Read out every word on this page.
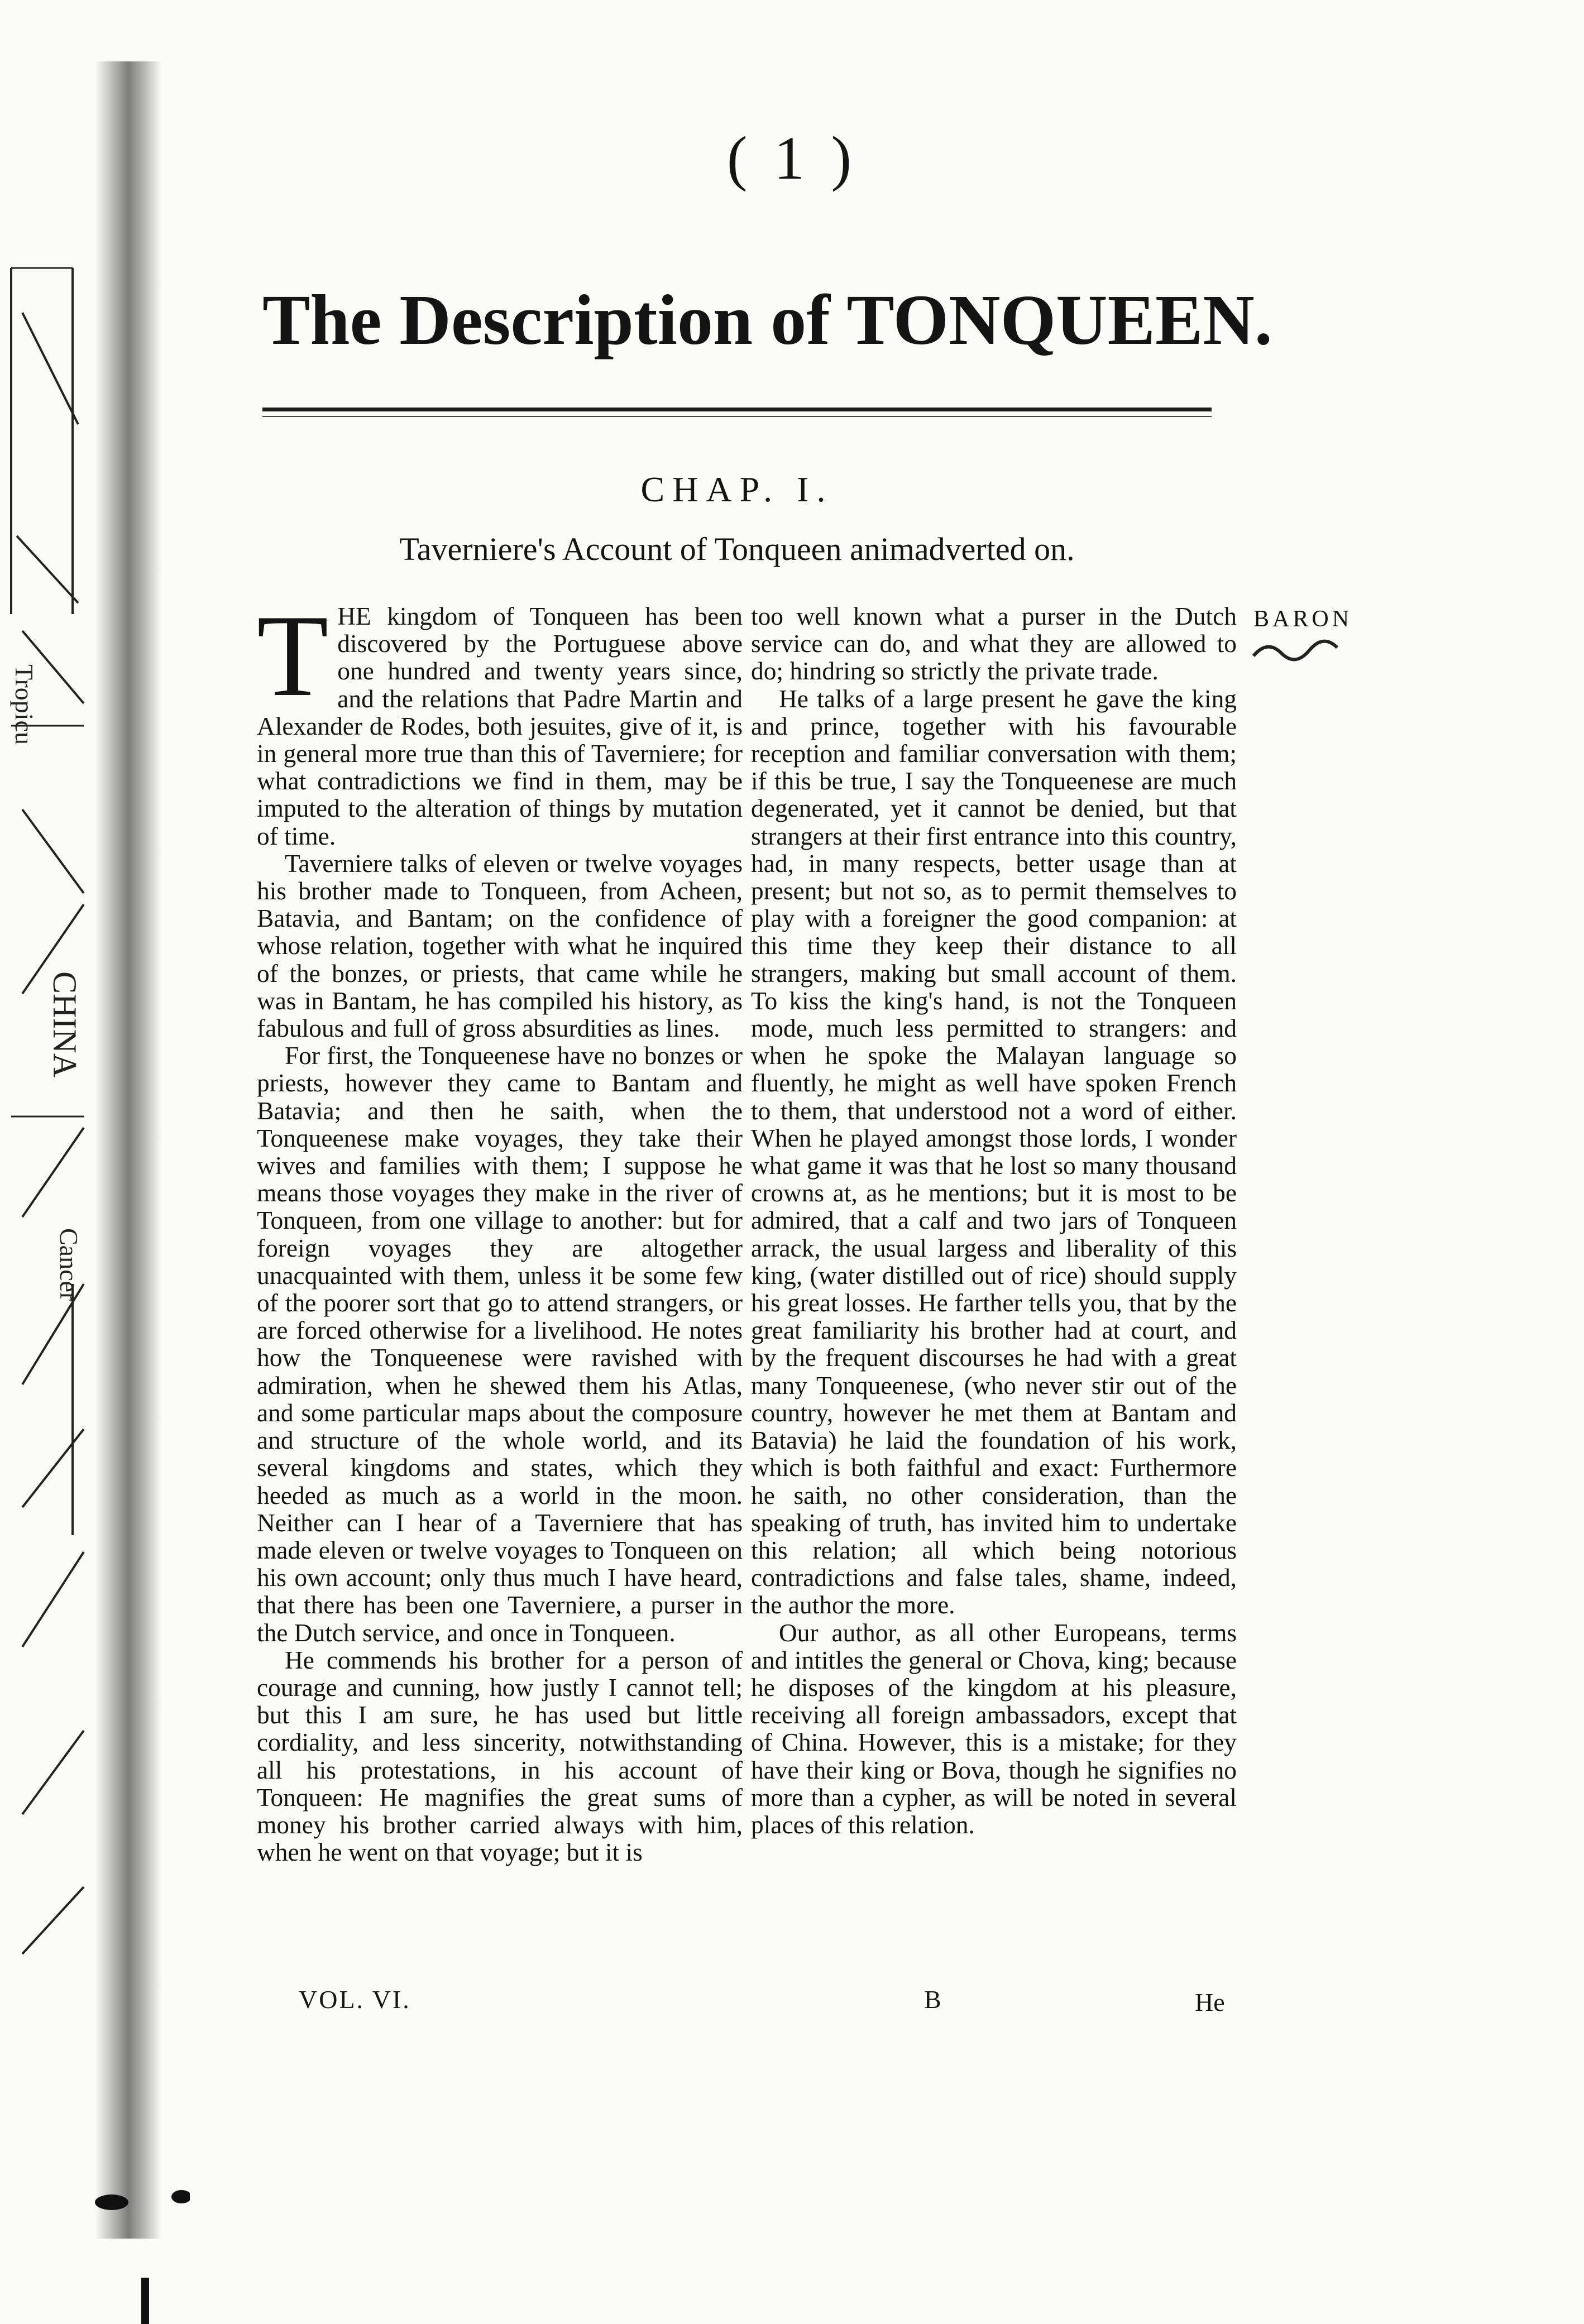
Tropicu
CHINA
Cancer
( 1 )
The Description of TONQUEEN.
CHAP. I.
Taverniere's Account of Tonqueen animadverted on.

THE kingdom of Tonqueen has been discovered by the Portuguese above one hundred and twenty years since, and the relations that Padre Martin and Alexander de Rodes, both jesuites, give of it, is in general more true than this of Taverniere; for what contradictions we find in them, may be imputed to the alteration of things by mutation of time.

Taverniere talks of eleven or twelve voyages his brother made to Tonqueen, from Acheen, Batavia, and Bantam; on the confidence of whose relation, together with what he inquired of the bonzes, or priests, that came while he was in Bantam, he has compiled his history, as fabulous and full of gross absurdities as lines.

For first, the Tonqueenese have no bonzes or priests, however they came to Bantam and Batavia; and then he saith, when the Tonqueenese make voyages, they take their wives and families with them; I suppose he means those voyages they make in the river of Tonqueen, from one village to another: but for foreign voyages they are altogether unacquainted with them, unless it be some few of the poorer sort that go to attend strangers, or are forced otherwise for a livelihood. He notes how the Tonqueenese were ravished with admiration, when he shewed them his Atlas, and some particular maps about the composure and structure of the whole world, and its several kingdoms and states, which they heeded as much as a world in the moon. Neither can I hear of a Taverniere that has made eleven or twelve voyages to Tonqueen on his own account; only thus much I have heard, that there has been one Taverniere, a purser in the Dutch service, and once in Tonqueen.

He commends his brother for a person of courage and cunning, how justly I cannot tell; but this I am sure, he has used but little cordiality, and less sincerity, notwithstanding all his protestations, in his account of Tonqueen: He magnifies the great sums of money his brother carried always with him, when he went on that voyage; but it is

too well known what a purser in the Dutch service can do, and what they are allowed to do; hindring so strictly the private trade.

He talks of a large present he gave the king and prince, together with his favourable reception and familiar conversation with them; if this be true, I say the Tonqueenese are much degenerated, yet it cannot be denied, but that strangers at their first entrance into this country, had, in many respects, better usage than at present; but not so, as to permit themselves to play with a foreigner the good companion: at this time they keep their distance to all strangers, making but small account of them. To kiss the king's hand, is not the Tonqueen mode, much less permitted to strangers: and when he spoke the Malayan language so fluently, he might as well have spoken French to them, that understood not a word of either. When he played amongst those lords, I wonder what game it was that he lost so many thousand crowns at, as he mentions; but it is most to be admired, that a calf and two jars of Tonqueen arrack, the usual largess and liberality of this king, (water distilled out of rice) should supply his great losses. He farther tells you, that by the great familiarity his brother had at court, and by the frequent discourses he had with a great many Tonqueenese, (who never stir out of the country, however he met them at Bantam and Batavia) he laid the foundation of his work, which is both faithful and exact: Furthermore he saith, no other consideration, than the speaking of truth, has invited him to undertake this relation; all which being notorious contradictions and false tales, shame, indeed, the author the more.

Our author, as all other Europeans, terms and intitles the general or Chova, king; because he disposes of the kingdom at his pleasure, receiving all foreign ambassadors, except that of China. However, this is a mistake; for they have their king or Bova, though he signifies no more than a cypher, as will be noted in several places of this relation.

BARON
VOL. VI.	B	He
